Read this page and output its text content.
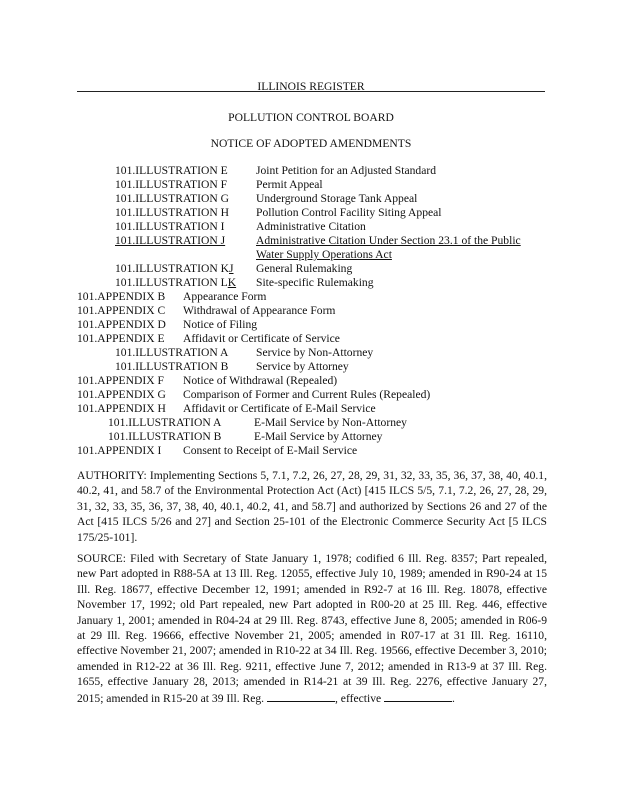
ILLINOIS REGISTER
POLLUTION CONTROL BOARD
NOTICE OF ADOPTED AMENDMENTS
101.ILLUSTRATION E Joint Petition for an Adjusted Standard
101.ILLUSTRATION F Permit Appeal
101.ILLUSTRATION G Underground Storage Tank Appeal
101.ILLUSTRATION H Pollution Control Facility Siting Appeal
101.ILLUSTRATION I	Administrative Citation
101.ILLUSTRATION J	Administrative Citation Under Section 23.1 of the Public
Water Supply Operations Act
101.ILLUSTRATION KJ General Rulemaking
101.ILLUSTRATION LK Site-specific Rulemaking
101.APPENDIX B Appearance Form
101.APPENDIX C Withdrawal of Appearance Form
101.APPENDIX D Notice of Filing
101.APPENDIX E Affidavit or Certificate of Service
101.ILLUSTRATION A Service by Non-Attorney
101.ILLUSTRATION B Service by Attorney
101.APPENDIX F Notice of Withdrawal (Repealed)
101.APPENDIX G Comparison of Former and Current Rules (Repealed)
101.APPENDIX H Affidavit or Certificate of E-Mail Service
101.ILLUSTRATION A	E-Mail Service by Non-Attorney
101.ILLUSTRATION B	E-Mail Service by Attorney
101.APPENDIX I Consent to Receipt of E-Mail Service
AUTHORITY: Implementing Sections 5, 7.1, 7.2, 26, 27, 28, 29, 31, 32, 33, 35, 36, 37, 38, 40, 40.1, 40.2, 41, and 58.7 of the Environmental Protection Act (Act) [415 ILCS 5/5, 7.1, 7.2, 26, 27, 28, 29, 31, 32, 33, 35, 36, 37, 38, 40, 40.1, 40.2, 41, and 58.7] and authorized by Sections 26 and 27 of the Act [415 ILCS 5/26 and 27] and Section 25-101 of the Electronic Commerce Security Act [5 ILCS 175/25-101].
SOURCE: Filed with Secretary of State January 1, 1978; codified 6 Ill. Reg. 8357; Part repealed, new Part adopted in R88-5A at 13 Ill. Reg. 12055, effective July 10, 1989; amended in R90-24 at 15 Ill. Reg. 18677, effective December 12, 1991; amended in R92-7 at 16 Ill. Reg. 18078, effective November 17, 1992; old Part repealed, new Part adopted in R00-20 at 25 Ill. Reg. 446, effective January 1, 2001; amended in R04-24 at 29 Ill. Reg. 8743, effective June 8, 2005; amended in R06-9 at 29 Ill. Reg. 19666, effective November 21, 2005; amended in R07-17 at 31 Ill. Reg. 16110, effective November 21, 2007; amended in R10-22 at 34 Ill. Reg. 19566, effective December 3, 2010; amended in R12-22 at 36 Ill. Reg. 9211, effective June 7, 2012; amended in R13-9 at 37 Ill. Reg. 1655, effective January 28, 2013; amended in R14-21 at 39 Ill. Reg. 2276, effective January 27, 2015; amended in R15-20 at 39 Ill. Reg.	, effective	.
